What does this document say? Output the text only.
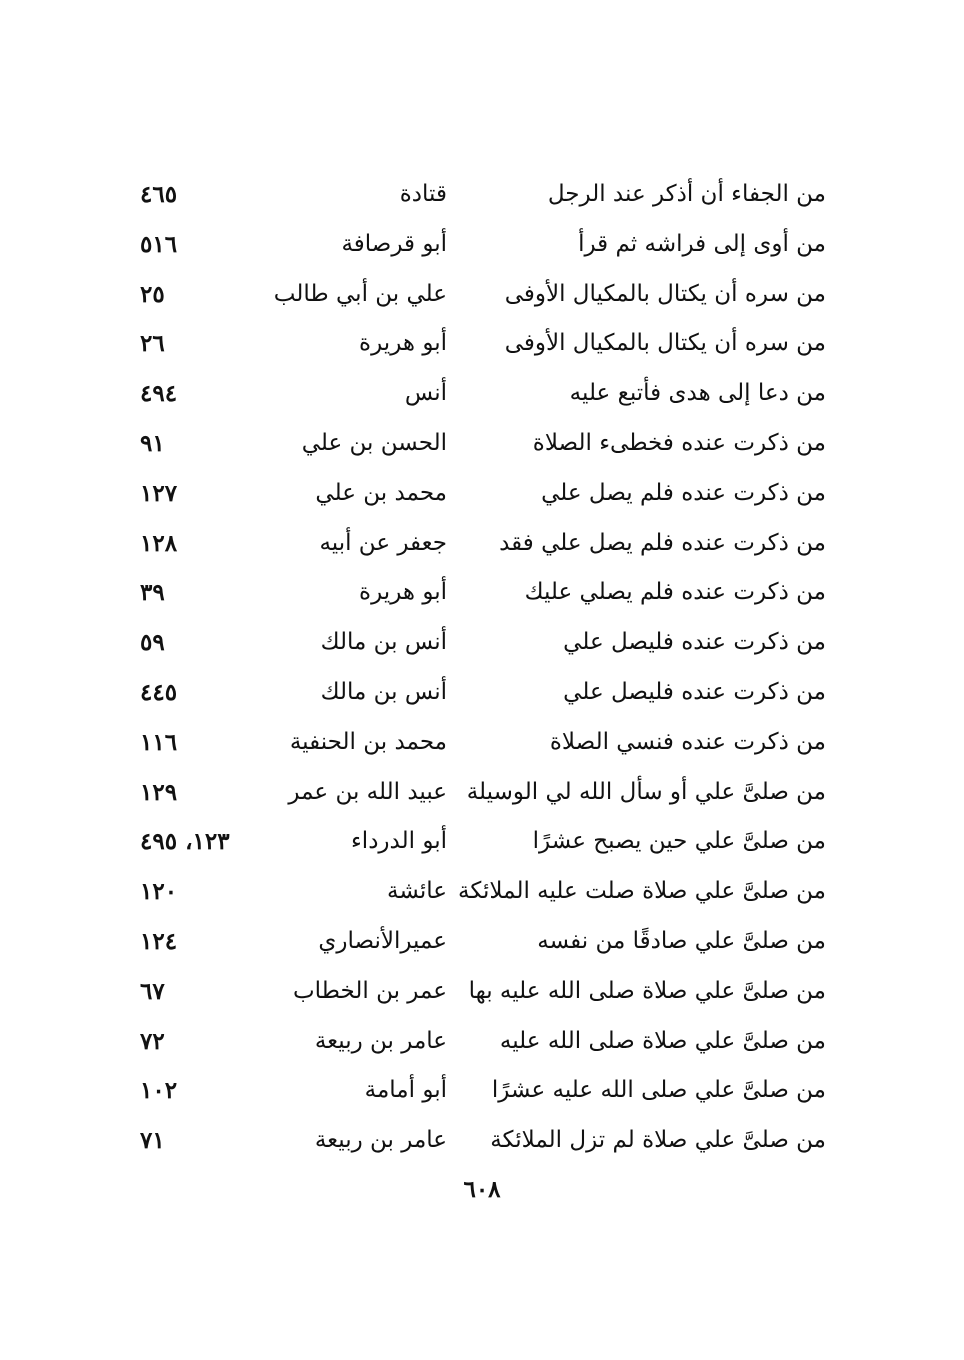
من الجفاء أن أذكر عند الرجل
قتادة
٤٦٥
من أوى إلى فراشه ثم قرأ
أبو قرصافة
٥١٦
من سره أن يكتال بالمكيال الأوفى
علي بن أبي طالب
٢٥
من سره أن يكتال بالمكيال الأوفى
أبو هريرة
٢٦
من دعا إلى هدى فأتبع عليه
أنس
٤٩٤
من ذكرت عنده فخطىء الصلاة
الحسن بن علي
٩١
من ذكرت عنده فلم يصل علي
محمد بن علي
١٢٧
من ذكرت عنده فلم يصل علي فقد
جعفر عن أبيه
١٢٨
من ذكرت عنده فلم يصلي عليك
أبو هريرة
٣٩
من ذكرت عنده فليصل علي
أنس بن مالك
٥٩
من ذكرت عنده فليصل علي
أنس بن مالك
٤٤٥
من ذكرت عنده فنسي الصلاة
محمد بن الحنفية
١١٦
من صلىَّ علي أو سأل الله لي الوسيلة
عبيد الله بن عمر
١٢٩
من صلىَّ علي حين يصبح عشرًا
أبو الدرداء
١٢٣، ٤٩٥
من صلىَّ علي صلاة صلت عليه الملائكة
عائشة
١٢٠
من صلىَّ علي صادقًا من نفسه
عميرالأنصاري
١٢٤
من صلىَّ علي صلاة صلى الله عليه بها
عمر بن الخطاب
٦٧
من صلىَّ علي صلاة صلى الله عليه
عامر بن ربيعة
٧٢
من صلىَّ علي صلى الله عليه عشرًا
أبو أمامة
١٠٢
من صلىَّ علي صلاة لم تزل الملائكة
عامر بن ربيعة
٧١
٦٠٨
